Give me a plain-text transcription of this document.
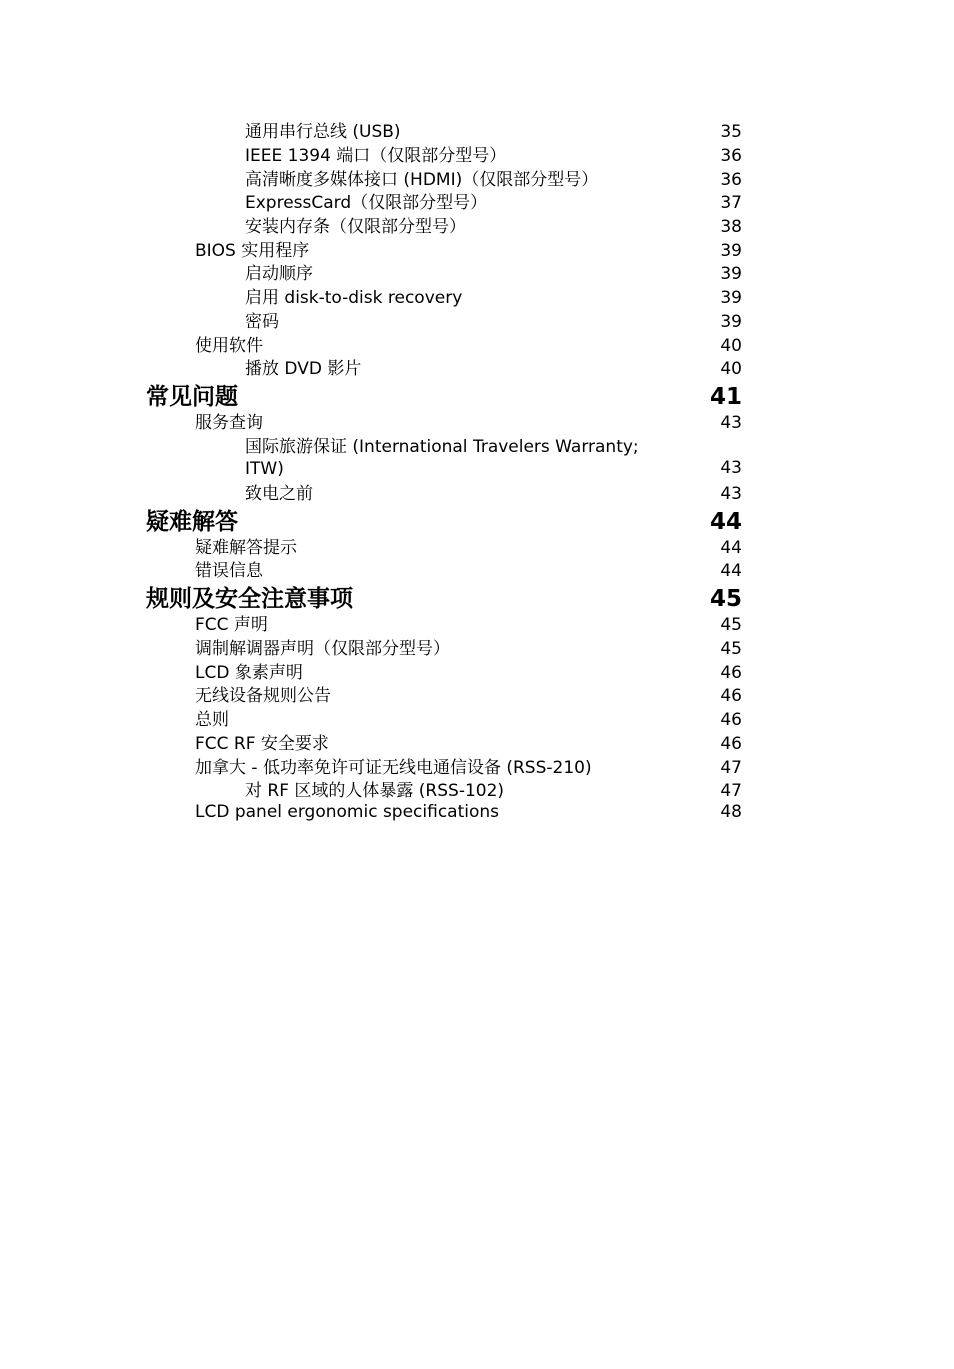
通用串行总线 (USB)	35
IEEE 1394 端口（仅限部分型号）	36
高清晰度多媒体接口 (HDMI)（仅限部分型号）	36
ExpressCard（仅限部分型号）	37
安装内存条（仅限部分型号）	38
BIOS 实用程序	39
启动顺序	39
启用 disk-to-disk recovery	39
密码	39
使用软件	40
播放 DVD 影片	40
常见问题	41
服务查询	43
国际旅游保证 (International Travelers Warranty; ITW)	43
致电之前	43
疑难解答	44
疑难解答提示	44
错误信息	44
规则及安全注意事项	45
FCC 声明	45
调制解调器声明（仅限部分型号）	45
LCD 象素声明	46
无线设备规则公告	46
总则	46
FCC RF 安全要求	46
加拿大 - 低功率免许可证无线电通信设备 (RSS-210)	47
对 RF 区域的人体暴露 (RSS-102)	47
LCD panel ergonomic specifications	48
